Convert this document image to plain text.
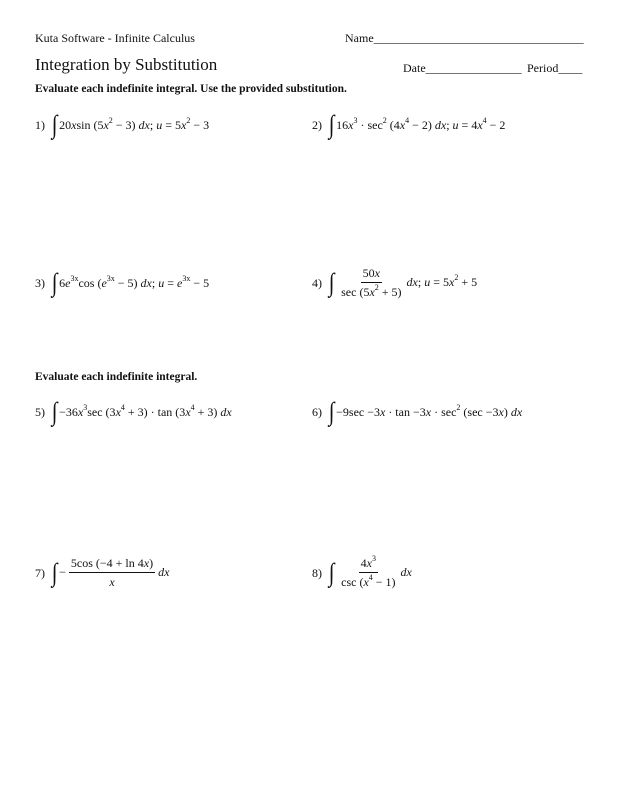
Kuta Software - Infinite Calculus	Name___________________________________
Integration by Substitution	Date________________ Period____
Evaluate each indefinite integral. Use the provided substitution.
Evaluate each indefinite integral.
1) ∫ 20xsin $(5x^2 - 3)$ dx; $u = 5x^2 - 3$	2) ∫ $16x^3 \cdot \sec^2 (4x^4 - 2)$ dx; $u = 4x^4 - 2$
3) ∫ $6e^{3x}\cos$ $(e^{3x} - 5)$ dx; $u = e^{3x} - 5$	4) ∫ $\frac{50x}{\sec (5x^2 + 5)}$ dx; $u = 5x^2 + 5$
5) ∫ $-36x^3\sec$ $(3x^4 + 3) \cdot \tan (3x^4 + 3)$ dx	6) ∫ $-9\sec -3x \cdot \tan -3x \cdot \sec^2 (\sec -3x)$ dx
7) ∫ − $\frac{5\cos (-4 + \ln 4x)}{x}$ dx	8) ∫ $\frac{4x^3}{\csc (x^4 - 1)}$ dx
